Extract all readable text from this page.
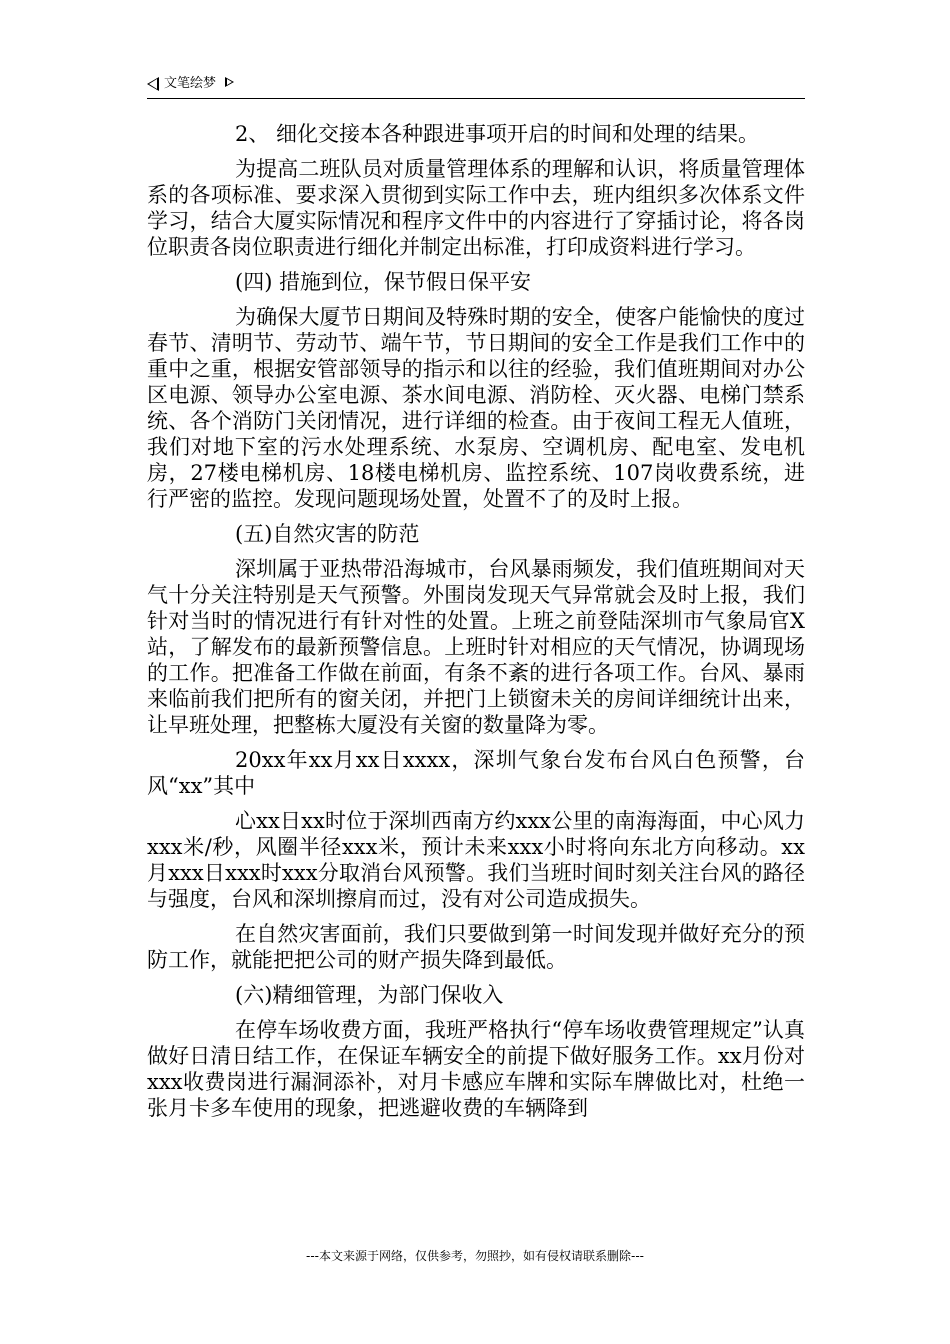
文笔绘梦

2、 细化交接本各种跟进事项开启的时间和处理的结果。

为提高二班队员对质量管理体系的理解和认识，将质量管理体系的各项标准、要求深入贯彻到实际工作中去，班内组织多次体系文件学习，结合大厦实际情况和程序文件中的内容进行了穿插讨论，将各岗位职责各岗位职责进行细化并制定出标准，打印成资料进行学习。

(四) 措施到位，保节假日保平安

为确保大厦节日期间及特殊时期的安全，使客户能愉快的度过春节、清明节、劳动节、端午节，节日期间的安全工作是我们工作中的重中之重，根据安管部领导的指示和以往的经验，我们值班期间对办公区电源、领导办公室电源、茶水间电源、消防栓、灭火器、电梯门禁系统、各个消防门关闭情况，进行详细的检查。由于夜间工程无人值班，我们对地下室的污水处理系统、水泵房、空调机房、配电室、发电机房，27楼电梯机房、18楼电梯机房、监控系统、107岗收费系统，进行严密的监控。发现问题现场处置，处置不了的及时上报。

(五)自然灾害的防范

深圳属于亚热带沿海城市，台风暴雨频发，我们值班期间对天气十分关注特别是天气预警。外围岗发现天气异常就会及时上报，我们针对当时的情况进行有针对性的处置。上班之前登陆深圳市气象局官X站，了解发布的最新预警信息。上班时针对相应的天气情况，协调现场的工作。把准备工作做在前面，有条不紊的进行各项工作。台风、暴雨来临前我们把所有的窗关闭，并把门上锁窗未关的房间详细统计出来，让早班处理，把整栋大厦没有关窗的数量降为零。

20xx年xx月xx日xxxx，深圳气象台发布台风白色预警，台风“xx”其中

心xx日xx时位于深圳西南方约xxx公里的南海海面，中心风力xxx米/秒，风圈半径xxx米，预计未来xxx小时将向东北方向移动。xx月xxx日xxx时xxx分取消台风预警。我们当班时间时刻关注台风的路径与强度，台风和深圳擦肩而过，没有对公司造成损失。

在自然灾害面前，我们只要做到第一时间发现并做好充分的预防工作，就能把把公司的财产损失降到最低。

(六)精细管理，为部门保收入

在停车场收费方面，我班严格执行“停车场收费管理规定”认真做好日清日结工作，在保证车辆安全的前提下做好服务工作。xx月份对xxx收费岗进行漏洞添补，对月卡感应车牌和实际车牌做比对，杜绝一张月卡多车使用的现象，把逃避收费的车辆降到

---本文来源于网络，仅供参考，勿照抄，如有侵权请联系删除---
